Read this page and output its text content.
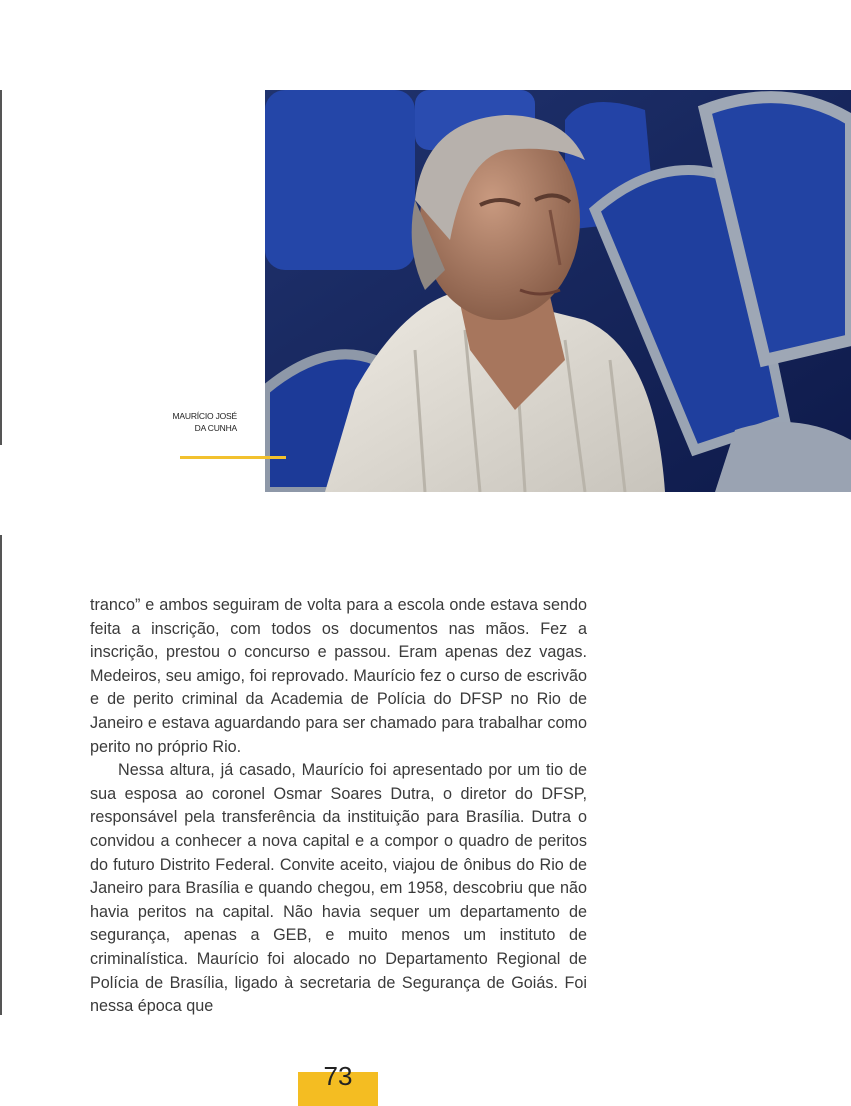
MAURÍCIO JOSÉ
DA CUNHA

tranco” e ambos seguiram de volta para a escola onde estava sendo feita a inscrição, com todos os documentos nas mãos. Fez a inscrição, prestou o concurso e passou. Eram apenas dez vagas. Medeiros, seu amigo, foi reprovado. Maurício fez o curso de escrivão e de perito criminal da Academia de Polícia do DFSP no Rio de Janeiro e estava aguardando para ser chamado para trabalhar como perito no próprio Rio.

Nessa altura, já casado, Maurício foi apresentado por um tio de sua esposa ao coronel Osmar Soares Dutra, o diretor do DFSP, responsável pela transferência da instituição para Brasília. Dutra o convidou a conhecer a nova capital e a compor o quadro de peritos do futuro Distrito Federal. Convite aceito, viajou de ônibus do Rio de Janeiro para Brasília e quando chegou, em 1958, descobriu que não havia peritos na capital. Não havia sequer um departamento de segurança, apenas a GEB, e muito menos um instituto de criminalística. Maurício foi alocado no Departamento Regional de Polícia de Brasília, ligado à secretaria de Segurança de Goiás. Foi nessa época que

73
